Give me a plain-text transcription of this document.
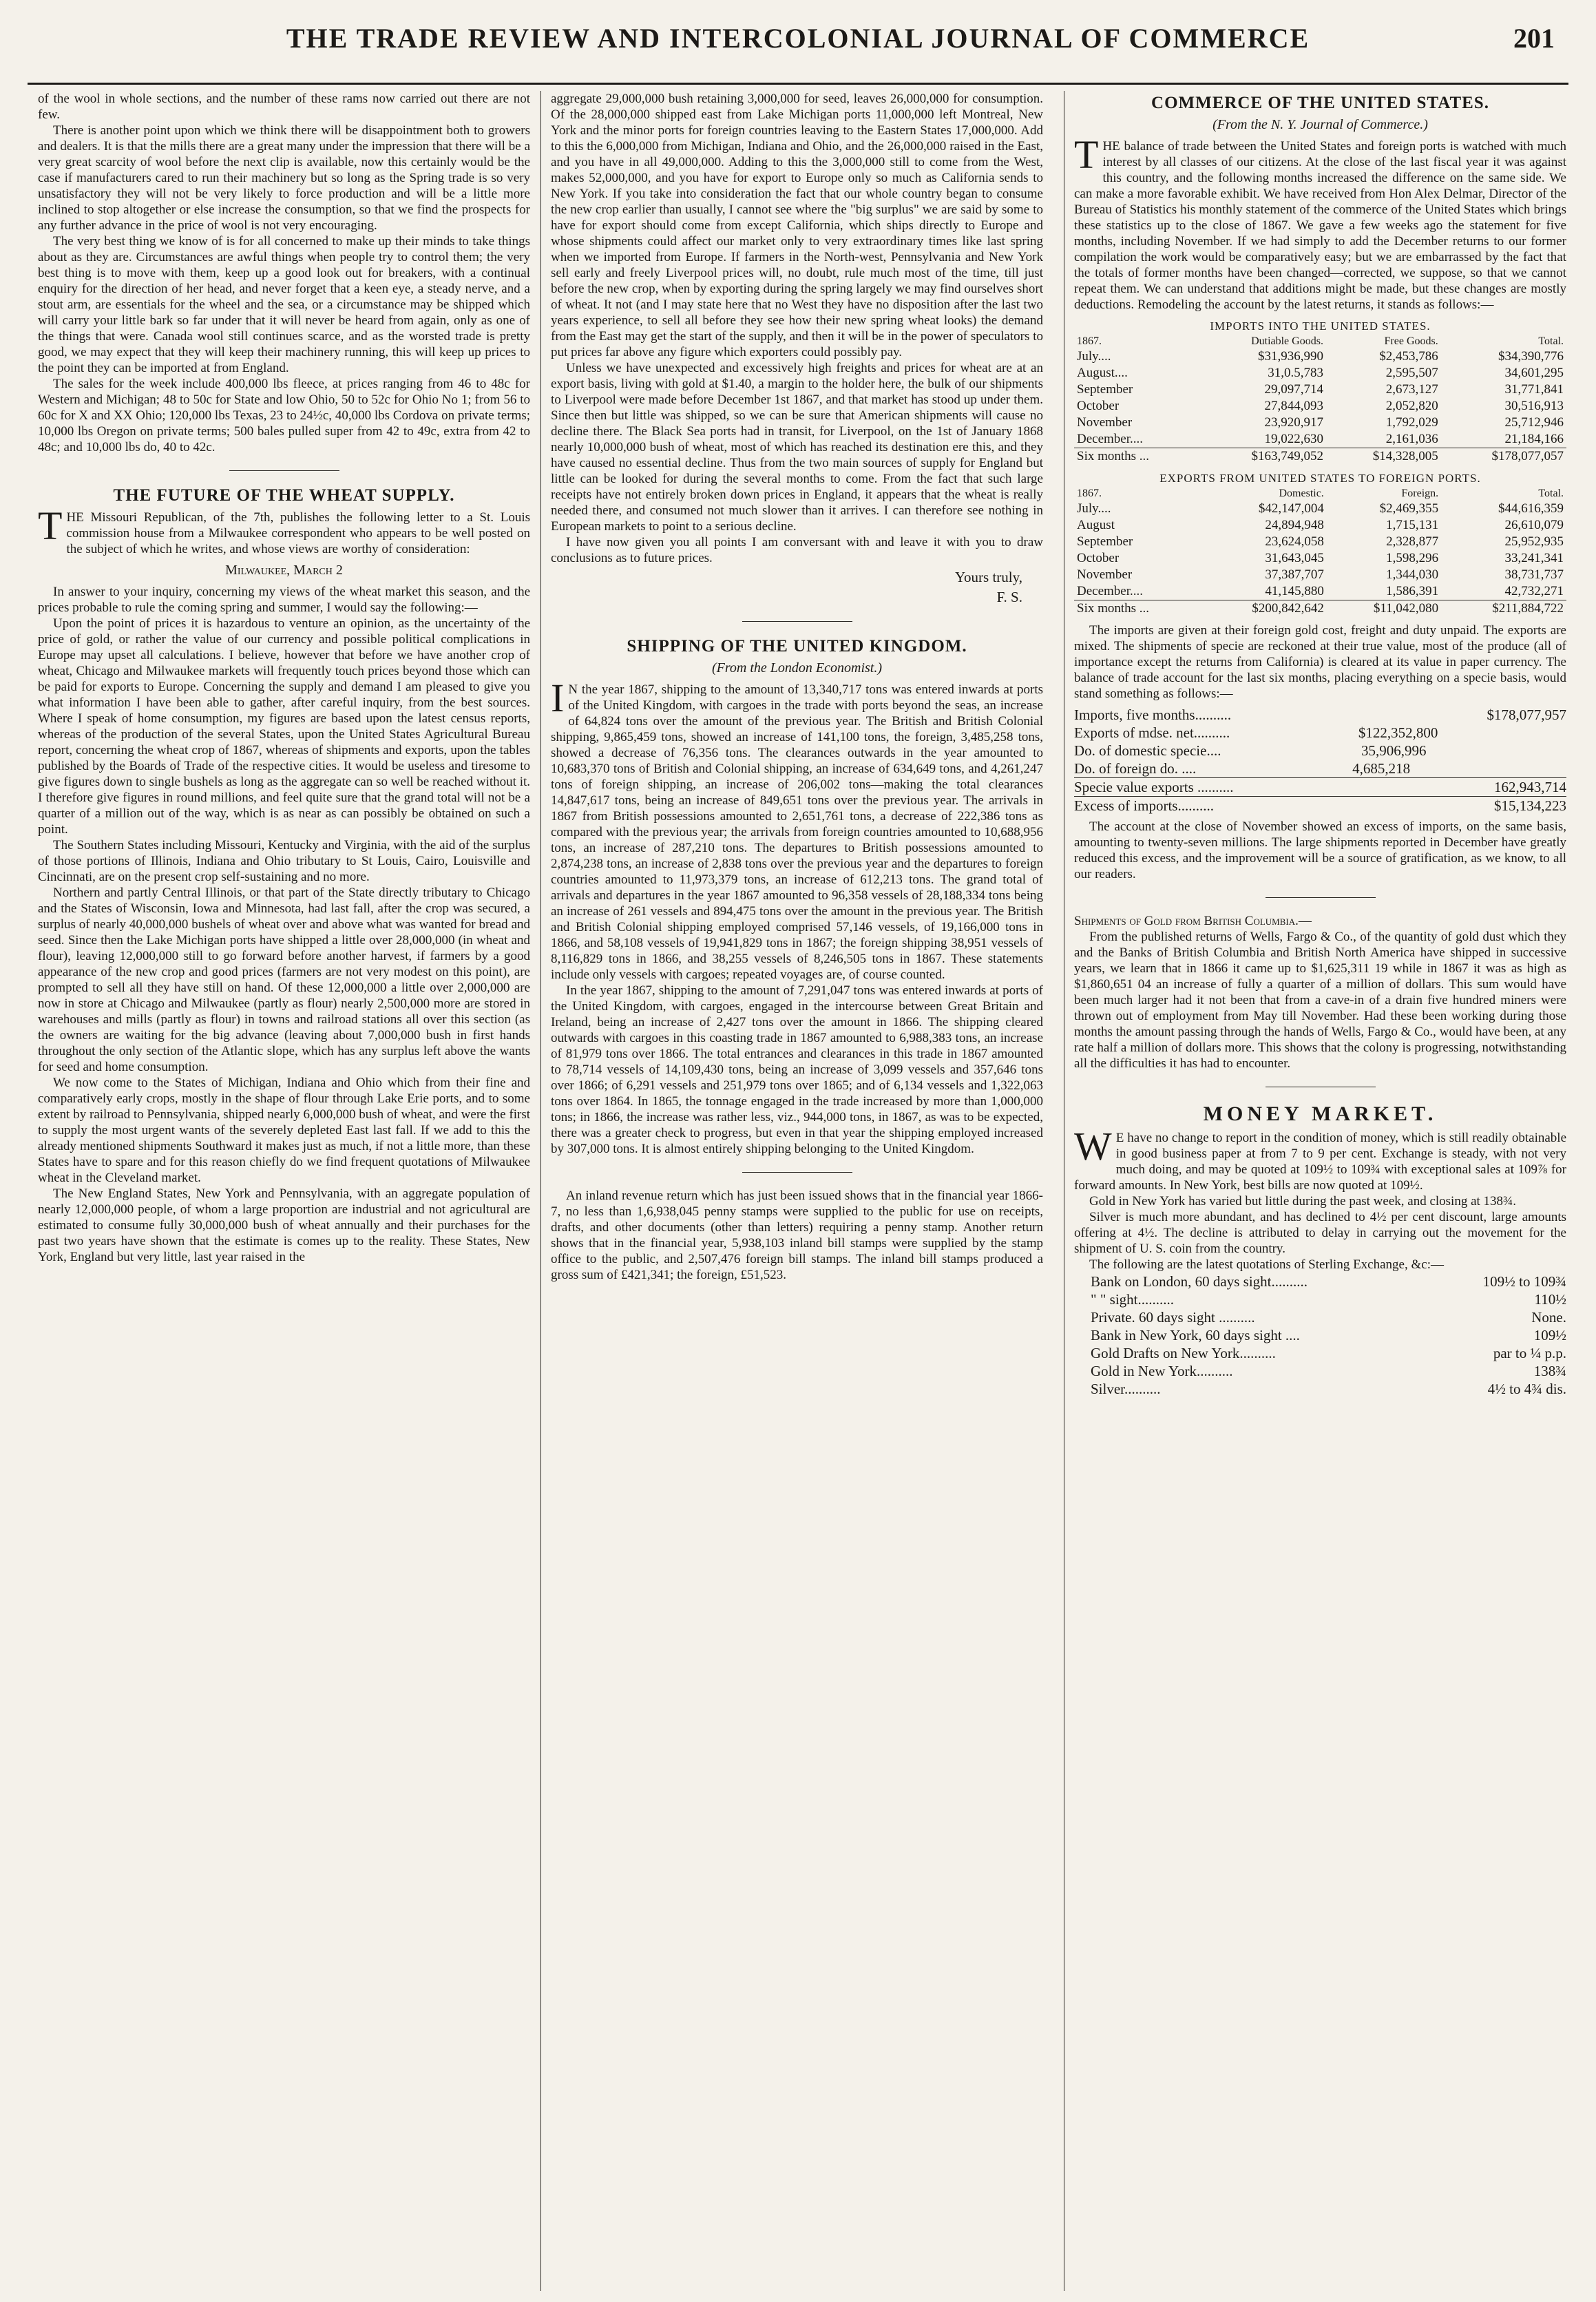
THE TRADE REVIEW AND INTERCOLONIAL JOURNAL OF COMMERCE	201

of the wool in whole sections, and the number of these rams now carried out there are not few.

There is another point upon which we think there will be disappointment both to growers and dealers. It is that the mills there are a great many under the impression that there will be a very great scarcity of wool before the next clip is available, now this certainly would be the case if manufacturers cared to run their machinery but so long as the Spring trade is so very unsatisfactory they will not be very likely to force production and will be a little more inclined to stop altogether or else increase the consumption, so that we find the prospects for any further advance in the price of wool is not very encouraging.

The very best thing we know of is for all concerned to make up their minds to take things about as they are. Circumstances are awful things when people try to control them; the very best thing is to move with them, keep up a good look out for breakers, with a continual enquiry for the direction of her head, and never forget that a keen eye, a steady nerve, and a stout arm, are essentials for the wheel and the sea, or a circumstance may be shipped which will carry your little bark so far under that it will never be heard from again, only as one of the things that were. Canada wool still continues scarce, and as the worsted trade is pretty good, we may expect that they will keep their machinery running, this will keep up prices to the point they can be imported at from England.

The sales for the week include 400,000 lbs fleece, at prices ranging from 46 to 48c for Western and Michigan; 48 to 50c for State and low Ohio, 50 to 52c for Ohio No 1; from 56 to 60c for X and XX Ohio; 120,000 lbs Texas, 23 to 24½c, 40,000 lbs Cordova on private terms; 10,000 lbs Oregon on private terms; 500 bales pulled super from 42 to 49c, extra from 42 to 48c; and 10,000 lbs do, 40 to 42c.

THE FUTURE OF THE WHEAT SUPPLY.

THE Missouri Republican, of the 7th, publishes the following letter to a St. Louis commission house from a Milwaukee correspondent who appears to be well posted on the subject of which he writes, and whose views are worthy of consideration:

Milwaukee, March 2

In answer to your inquiry, concerning my views of the wheat market this season, and the prices probable to rule the coming spring and summer, I would say the following:—

Upon the point of prices it is hazardous to venture an opinion, as the uncertainty of the price of gold, or rather the value of our currency and possible political complications in Europe may upset all calculations. I believe, however that before we have another crop of wheat, Chicago and Milwaukee markets will frequently touch prices beyond those which can be paid for exports to Europe. Concerning the supply and demand I am pleased to give you what information I have been able to gather, after careful inquiry, from the best sources. Where I speak of home consumption, my figures are based upon the latest census reports, whereas of the production of the several States, upon the United States Agricultural Bureau report, concerning the wheat crop of 1867, whereas of shipments and exports, upon the tables published by the Boards of Trade of the respective cities. It would be useless and tiresome to give figures down to single bushels as long as the aggregate can so well be reached without it. I therefore give figures in round millions, and feel quite sure that the grand total will not be a quarter of a million out of the way, which is as near as can possibly be obtained on such a point.

The Southern States including Missouri, Kentucky and Virginia, with the aid of the surplus of those portions of Illinois, Indiana and Ohio tributary to St Louis, Cairo, Louisville and Cincinnati, are on the present crop self-sustaining and no more.

Northern and partly Central Illinois, or that part of the State directly tributary to Chicago and the States of Wisconsin, Iowa and Minnesota, had last fall, after the crop was secured, a surplus of nearly 40,000,000 bushels of wheat over and above what was wanted for bread and seed. Since then the Lake Michigan ports have shipped a little over 28,000,000 (in wheat and flour), leaving 12,000,000 still to go forward before another harvest, if farmers by a good appearance of the new crop and good prices (farmers are not very modest on this point), are prompted to sell all they have still on hand. Of these 12,000,000 a little over 2,000,000 are now in store at Chicago and Milwaukee (partly as flour) nearly 2,500,000 more are stored in warehouses and mills (partly as flour) in towns and railroad stations all over this section (as the owners are waiting for the big advance (leaving about 7,000,000 bush in first hands throughout the only section of the Atlantic slope, which has any surplus left above the wants for seed and home consumption.

We now come to the States of Michigan, Indiana and Ohio which from their fine and comparatively early crops, mostly in the shape of flour through Lake Erie ports, and to some extent by railroad to Pennsylvania, shipped nearly 6,000,000 bush of wheat, and were the first to supply the most urgent wants of the severely depleted East last fall. If we add to this the already mentioned shipments Southward it makes just as much, if not a little more, than these States have to spare and for this reason chiefly do we find frequent quotations of Milwaukee wheat in the Cleveland market.

The New England States, New York and Pennsylvania, with an aggregate population of nearly 12,000,000 people, of whom a large proportion are industrial and not agricultural are estimated to consume fully 30,000,000 bush of wheat annually and their purchases for the past two years have shown that the estimate is comes up to the reality. These States, New York, England but very little, last year raised in the

aggregate 29,000,000 bush retaining 3,000,000 for seed, leaves 26,000,000 for consumption. Of the 28,000,000 shipped east from Lake Michigan ports 11,000,000 left Montreal, New York and the minor ports for foreign countries leaving to the Eastern States 17,000,000. Add to this the 6,000,000 from Michigan, Indiana and Ohio, and the 26,000,000 raised in the East, and you have in all 49,000,000. Adding to this the 3,000,000 still to come from the West, makes 52,000,000, and you have for export to Europe only so much as California sends to New York. If you take into consideration the fact that our whole country began to consume the new crop earlier than usually, I cannot see where the "big surplus" we are said by some to have for export should come from except California, which ships directly to Europe and whose shipments could affect our market only to very extraordinary times like last spring when we imported from Europe. If farmers in the North-west, Pennsylvania and New York sell early and freely Liverpool prices will, no doubt, rule much most of the time, till just before the new crop, when by exporting during the spring largely we may find ourselves short of wheat. It not (and I may state here that no West they have no disposition after the last two years experience, to sell all before they see how their new spring wheat looks) the demand from the East may get the start of the supply, and then it will be in the power of speculators to put prices far above any figure which exporters could possibly pay.

Unless we have unexpected and excessively high freights and prices for wheat are at an export basis, living with gold at $1.40, a margin to the holder here, the bulk of our shipments to Liverpool were made before December 1st 1867, and that market has stood up under them. Since then but little was shipped, so we can be sure that American shipments will cause no decline there. The Black Sea ports had in transit, for Liverpool, on the 1st of January 1868 nearly 10,000,000 bush of wheat, most of which has reached its destination ere this, and they have caused no essential decline. Thus from the two main sources of supply for England but little can be looked for during the several months to come. From the fact that such large receipts have not entirely broken down prices in England, it appears that the wheat is really needed there, and consumed not much slower than it arrives. I can therefore see nothing in European markets to point to a serious decline.

I have now given you all points I am conversant with and leave it with you to draw conclusions as to future prices.

Yours truly,
F. S.
SHIPPING OF THE UNITED KINGDOM.
(From the London Economist.)

IN the year 1867, shipping to the amount of 13,340,717 tons was entered inwards at ports of the United Kingdom, with cargoes in the trade with ports beyond the seas, an increase of 64,824 tons over the amount of the previous year. The British and British Colonial shipping, 9,865,459 tons, showed an increase of 141,100 tons, the foreign, 3,485,258 tons, showed a decrease of 76,356 tons. The clearances outwards in the year amounted to 10,683,370 tons of British and Colonial shipping, an increase of 634,649 tons, and 4,261,247 tons of foreign shipping, an increase of 206,002 tons—making the total clearances 14,847,617 tons, being an increase of 849,651 tons over the previous year. The arrivals in 1867 from British possessions amounted to 2,651,761 tons, a decrease of 222,386 tons as compared with the previous year; the arrivals from foreign countries amounted to 10,688,956 tons, an increase of 287,210 tons. The departures to British possessions amounted to 2,874,238 tons, an increase of 2,838 tons over the previous year and the departures to foreign countries amounted to 11,973,379 tons, an increase of 612,213 tons. The grand total of arrivals and departures in the year 1867 amounted to 96,358 vessels of 28,188,334 tons being an increase of 261 vessels and 894,475 tons over the amount in the previous year. The British and British Colonial shipping employed comprised 57,146 vessels, of 19,166,000 tons in 1866, and 58,108 vessels of 19,941,829 tons in 1867; the foreign shipping 38,951 vessels of 8,116,829 tons in 1866, and 38,255 vessels of 8,246,505 tons in 1867. These statements include only vessels with cargoes; repeated voyages are, of course counted.

In the year 1867, shipping to the amount of 7,291,047 tons was entered inwards at ports of the United Kingdom, with cargoes, engaged in the intercourse between Great Britain and Ireland, being an increase of 2,427 tons over the amount in 1866. The shipping cleared outwards with cargoes in this coasting trade in 1867 amounted to 6,988,383 tons, an increase of 81,979 tons over 1866. The total entrances and clearances in this trade in 1867 amounted to 78,714 vessels of 14,109,430 tons, being an increase of 3,099 vessels and 357,646 tons over 1866; of 6,291 vessels and 251,979 tons over 1865; and of 6,134 vessels and 1,322,063 tons over 1864. In 1865, the tonnage engaged in the trade increased by more than 1,000,000 tons; in 1866, the increase was rather less, viz., 944,000 tons, in 1867, as was to be expected, there was a greater check to progress, but even in that year the shipping employed increased by 307,000 tons. It is almost entirely shipping belonging to the United Kingdom.

An inland revenue return which has just been issued shows that in the financial year 1866-7, no less than 1,6,938,045 penny stamps were supplied to the public for use on receipts, drafts, and other documents (other than letters) requiring a penny stamp. Another return shows that in the financial year, 5,938,103 inland bill stamps were supplied by the stamp office to the public, and 2,507,476 foreign bill stamps. The inland bill stamps produced a gross sum of £421,341; the foreign, £51,523.

COMMERCE OF THE UNITED STATES.
(From the N. Y. Journal of Commerce.)

THE balance of trade between the United States and foreign ports is watched with much interest by all classes of our citizens. At the close of the last fiscal year it was against this country, and the following months increased the difference on the same side. We can make a more favorable exhibit. We have received from Hon Alex Delmar, Director of the Bureau of Statistics his monthly statement of the commerce of the United States which brings these statistics up to the close of 1867. We gave a few weeks ago the statement for five months, including November. If we had simply to add the December returns to our former compilation the work would be comparatively easy; but we are embarrassed by the fact that the totals of former months have been changed—corrected, we suppose, so that we cannot repeat them. We can understand that additions might be made, but these changes are mostly deductions. Remodeling the account by the latest returns, it stands as follows:—

IMPORTS INTO THE UNITED STATES.
1867.	Dutiable Goods.	Free Goods.	Total.
July....	$31,936,990	$2,453,786	$34,390,776
August....	31,0.5,783	2,595,507	34,601,295
September	29,097,714	2,673,127	31,771,841
October	27,844,093	2,052,820	30,516,913
November	23,920,917	1,792,029	25,712,946
December....	19,022,630	2,161,036	21,184,166
Six months ...	$163,749,052	$14,328,005	$178,077,057
EXPORTS FROM UNITED STATES TO FOREIGN PORTS.
1867.	Domestic.	Foreign.	Total.
July....	$42,147,004	$2,469,355	$44,616,359
August	24,894,948	1,715,131	26,610,079
September	23,624,058	2,328,877	25,952,935
October	31,643,045	1,598,296	33,241,341
November	37,387,707	1,344,030	38,731,737
December....	41,145,880	1,586,391	42,732,271
Six months ...	$200,842,642	$11,042,080	$211,884,722

The imports are given at their foreign gold cost, freight and duty unpaid. The exports are mixed. The shipments of specie are reckoned at their true value, most of the produce (all of importance except the returns from California) is cleared at its value in paper currency. The balance of trade account for the last six months, placing everything on a specie basis, would stand something as follows:—

Imports, five months..........	$178,077,957
Exports of mdse. net..........	$122,352,800
Do. of domestic specie....	35,906,996
Do. of foreign do. ....	4,685,218
Specie value exports ..........	162,943,714
Excess of imports..........	$15,134,223

The account at the close of November showed an excess of imports, on the same basis, amounting to twenty-seven millions. The large shipments reported in December have greatly reduced this excess, and the improvement will be a source of gratification, as we know, to all our readers.

Shipments of Gold from British Columbia.—

From the published returns of Wells, Fargo & Co., of the quantity of gold dust which they and the Banks of British Columbia and British North America have shipped in successive years, we learn that in 1866 it came up to $1,625,311 19 while in 1867 it was as high as $1,860,651 04 an increase of fully a quarter of a million of dollars. This sum would have been much larger had it not been that from a cave-in of a drain five hundred miners were thrown out of employment from May till November. Had these been working during those months the amount passing through the hands of Wells, Fargo & Co., would have been, at any rate half a million of dollars more. This shows that the colony is progressing, notwithstanding all the difficulties it has had to encounter.

MONEY MARKET.

WE have no change to report in the condition of money, which is still readily obtainable in good business paper at from 7 to 9 per cent. Exchange is steady, with not very much doing, and may be quoted at 109½ to 109¾ with exceptional sales at 109⅞ for forward amounts. In New York, best bills are now quoted at 109½.

Gold in New York has varied but little during the past week, and closing at 138¾.

Silver is much more abundant, and has declined to 4½ per cent discount, large amounts offering at 4½. The decline is attributed to delay in carrying out the movement for the shipment of U. S. coin from the country.

The following are the latest quotations of Sterling Exchange, &c:—

Bank on London, 60 days sight..........	109½ to 109¾
" " sight..........	110½
Private. 60 days sight ..........	None.
Bank in New York, 60 days sight ....	109½
Gold Drafts on New York..........	par to ¼ p.p.
Gold in New York..........	138¾
Silver..........	4½ to 4¾ dis.
